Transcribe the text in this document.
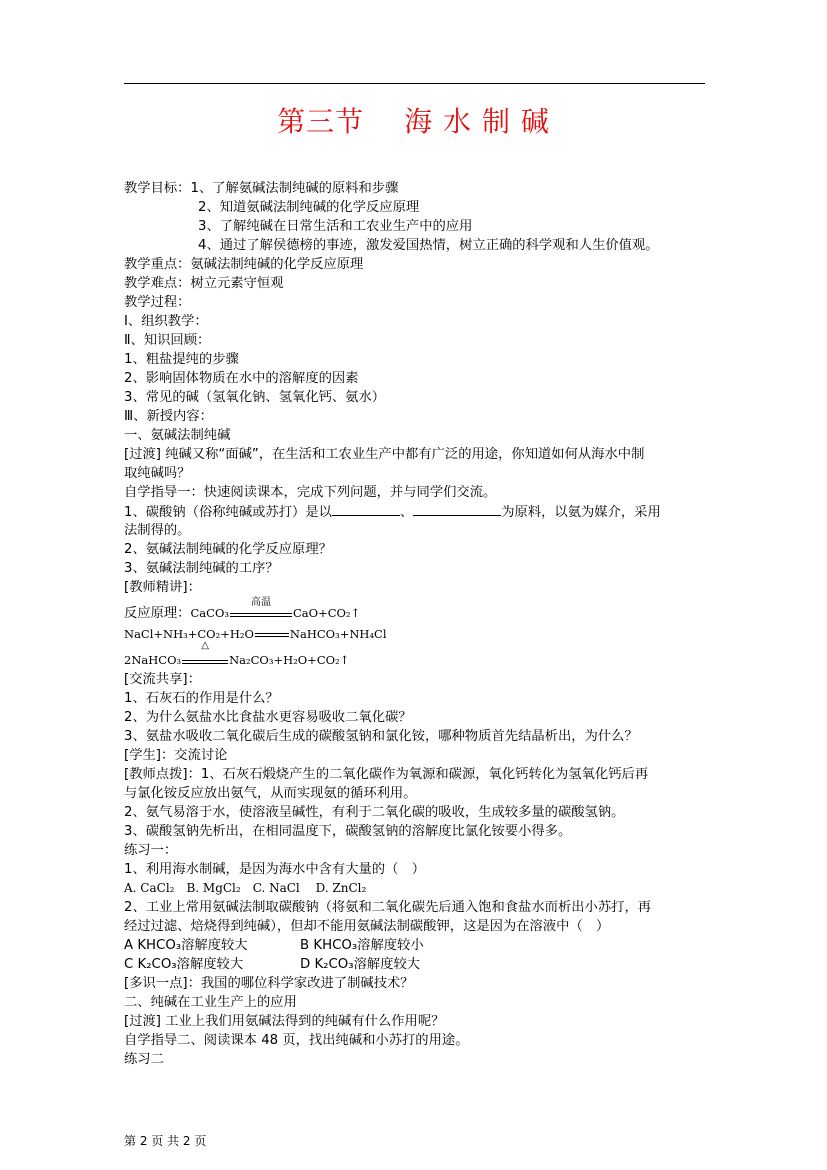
第三节 海 水 制 碱
教学目标：1、了解氨碱法制纯碱的原料和步骤
2、知道氨碱法制纯碱的化学反应原理
3、了解纯碱在日常生活和工农业生产中的应用
4、通过了解侯德榜的事迹，激发爱国热情，树立正确的科学观和人生价值观。
教学重点：氨碱法制纯碱的化学反应原理
教学难点：树立元素守恒观
教学过程：
Ⅰ、组织教学：
Ⅱ、知识回顾：
1、粗盐提纯的步骤
2、影响固体物质在水中的溶解度的因素
3、常见的碱（氢氧化钠、氢氧化钙、氨水）
Ⅲ、新授内容：
一、氨碱法制纯碱
[过渡] 纯碱又称“面碱”，在生活和工农业生产中都有广泛的用途，你知道如何从海水中制
取纯碱吗？
自学指导一：快速阅读课本，完成下列问题，并与同学们交流。
1、碳酸钠（俗称纯碱或苏打）是以	、	为原料，以氨为媒介，采用
法制得的。
2、氨碱法制纯碱的化学反应原理？
3、氨碱法制纯碱的工序？
[教师精讲]：
反应原理：CaCO₃
高温
CaO+CO₂↑
NaCl+NH₃+CO₂+H₂O	NaHCO₃+NH₄Cl
2NaHCO₃
△
Na₂CO₃+H₂O+CO₂↑
[交流共享]：
1、石灰石的作用是什么？
2、为什么氨盐水比食盐水更容易吸收二氧化碳？
3、氨盐水吸收二氧化碳后生成的碳酸氢钠和氯化铵，哪种物质首先结晶析出，为什么？
[学生]：交流讨论
[教师点拨]：1、石灰石煅烧产生的二氧化碳作为氧源和碳源，氧化钙转化为氢氧化钙后再
与氯化铵反应放出氨气，从而实现氨的循环利用。
2、氨气易溶于水，使溶液呈碱性，有利于二氧化碳的吸收，生成较多量的碳酸氢钠。
3、碳酸氢钠先析出，在相同温度下，碳酸氢钠的溶解度比氯化铵要小得多。
练习一：
1、利用海水制碱，是因为海水中含有大量的（　）
A. CaCl₂　B. MgCl₂　C. NaCl　 D. ZnCl₂
2、工业上常用氨碱法制取碳酸钠（将氨和二氧化碳先后通入饱和食盐水而析出小苏打，再
经过过滤、焙烧得到纯碱），但却不能用氨碱法制碳酸钾，这是因为在溶液中（　）
A KHCO₃溶解度较大	B KHCO₃溶解度较小
C K₂CO₃溶解度较大	D K₂CO₃溶解度较大
[多识一点]：我国的哪位科学家改进了制碱技术？
二、纯碱在工业生产上的应用
[过渡] 工业上我们用氨碱法得到的纯碱有什么作用呢？
自学指导二、阅读课本 48 页，找出纯碱和小苏打的用途。
练习二
第 2 页 共 2 页
